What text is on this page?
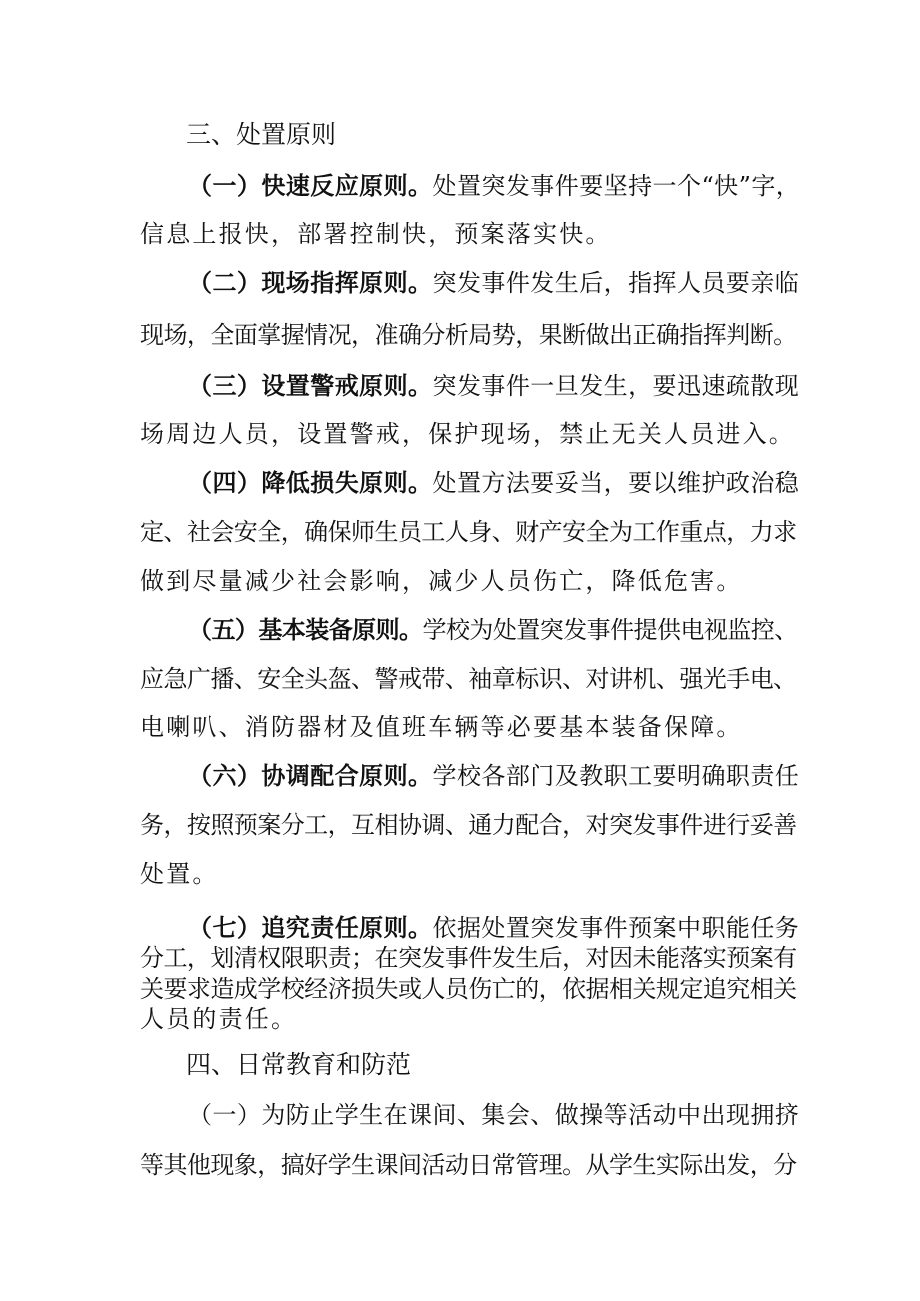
三、处置原则
（一）快速反应原则。处置突发事件要坚持一个“快”字，
信息上报快，部署控制快，预案落实快。
（二）现场指挥原则。突发事件发生后，指挥人员要亲临
现场，全面掌握情况，准确分析局势，果断做出正确指挥判断。
（三）设置警戒原则。突发事件一旦发生，要迅速疏散现
场周边人员，设置警戒，保护现场，禁止无关人员进入。
（四）降低损失原则。处置方法要妥当，要以维护政治稳
定、社会安全，确保师生员工人身、财产安全为工作重点，力求
做到尽量减少社会影响，减少人员伤亡，降低危害。
（五）基本装备原则。学校为处置突发事件提供电视监控、
应急广播、安全头盔、警戒带、袖章标识、对讲机、强光手电、
电喇叭、消防器材及值班车辆等必要基本装备保障。
（六）协调配合原则。学校各部门及教职工要明确职责任
务，按照预案分工，互相协调、通力配合，对突发事件进行妥善
处置。
（七）追究责任原则。依据处置突发事件预案中职能任务
分工，划清权限职责；在突发事件发生后，对因未能落实预案有
关要求造成学校经济损失或人员伤亡的，依据相关规定追究相关
人员的责任。
四、日常教育和防范
（一）为防止学生在课间、集会、做操等活动中出现拥挤
等其他现象，搞好学生课间活动日常管理。从学生实际出发，分
